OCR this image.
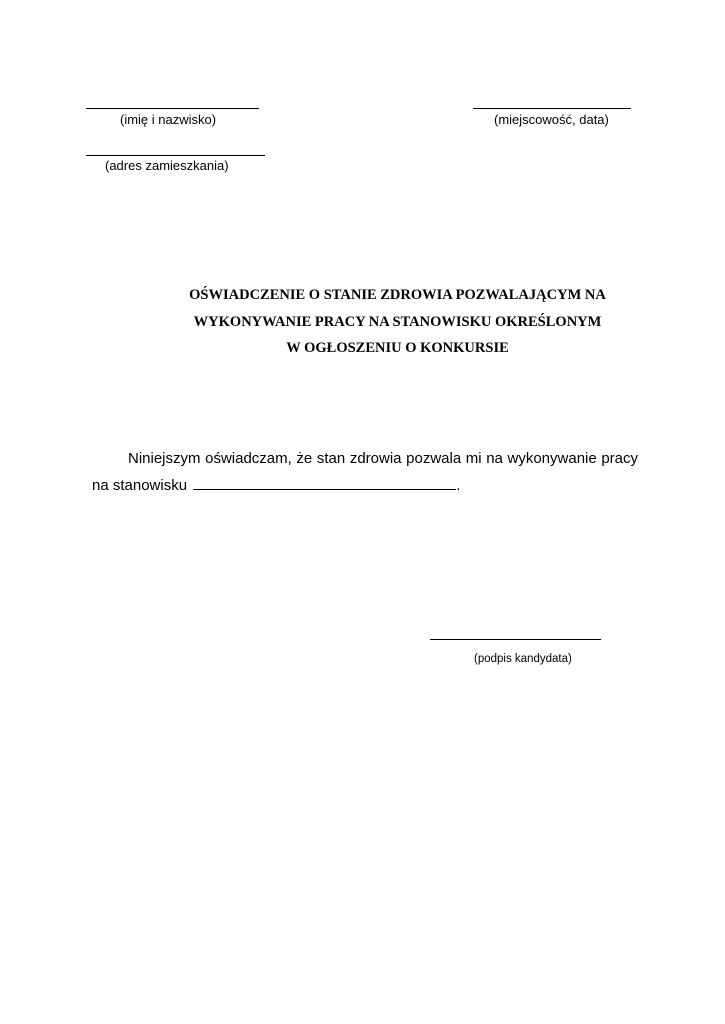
(imię i nazwisko)	(miejscowość, data)
(adres zamieszkania)
OŚWIADCZENIE O STANIE ZDROWIA POZWALAJĄCYM NA
WYKONYWANIE PRACY NA STANOWISKU OKREŚLONYM
W OGŁOSZENIU O KONKURSIE
Niniejszym oświadczam, że stan zdrowia pozwala mi na wykonywanie pracy
na stanowisku	.
(podpis kandydata)
